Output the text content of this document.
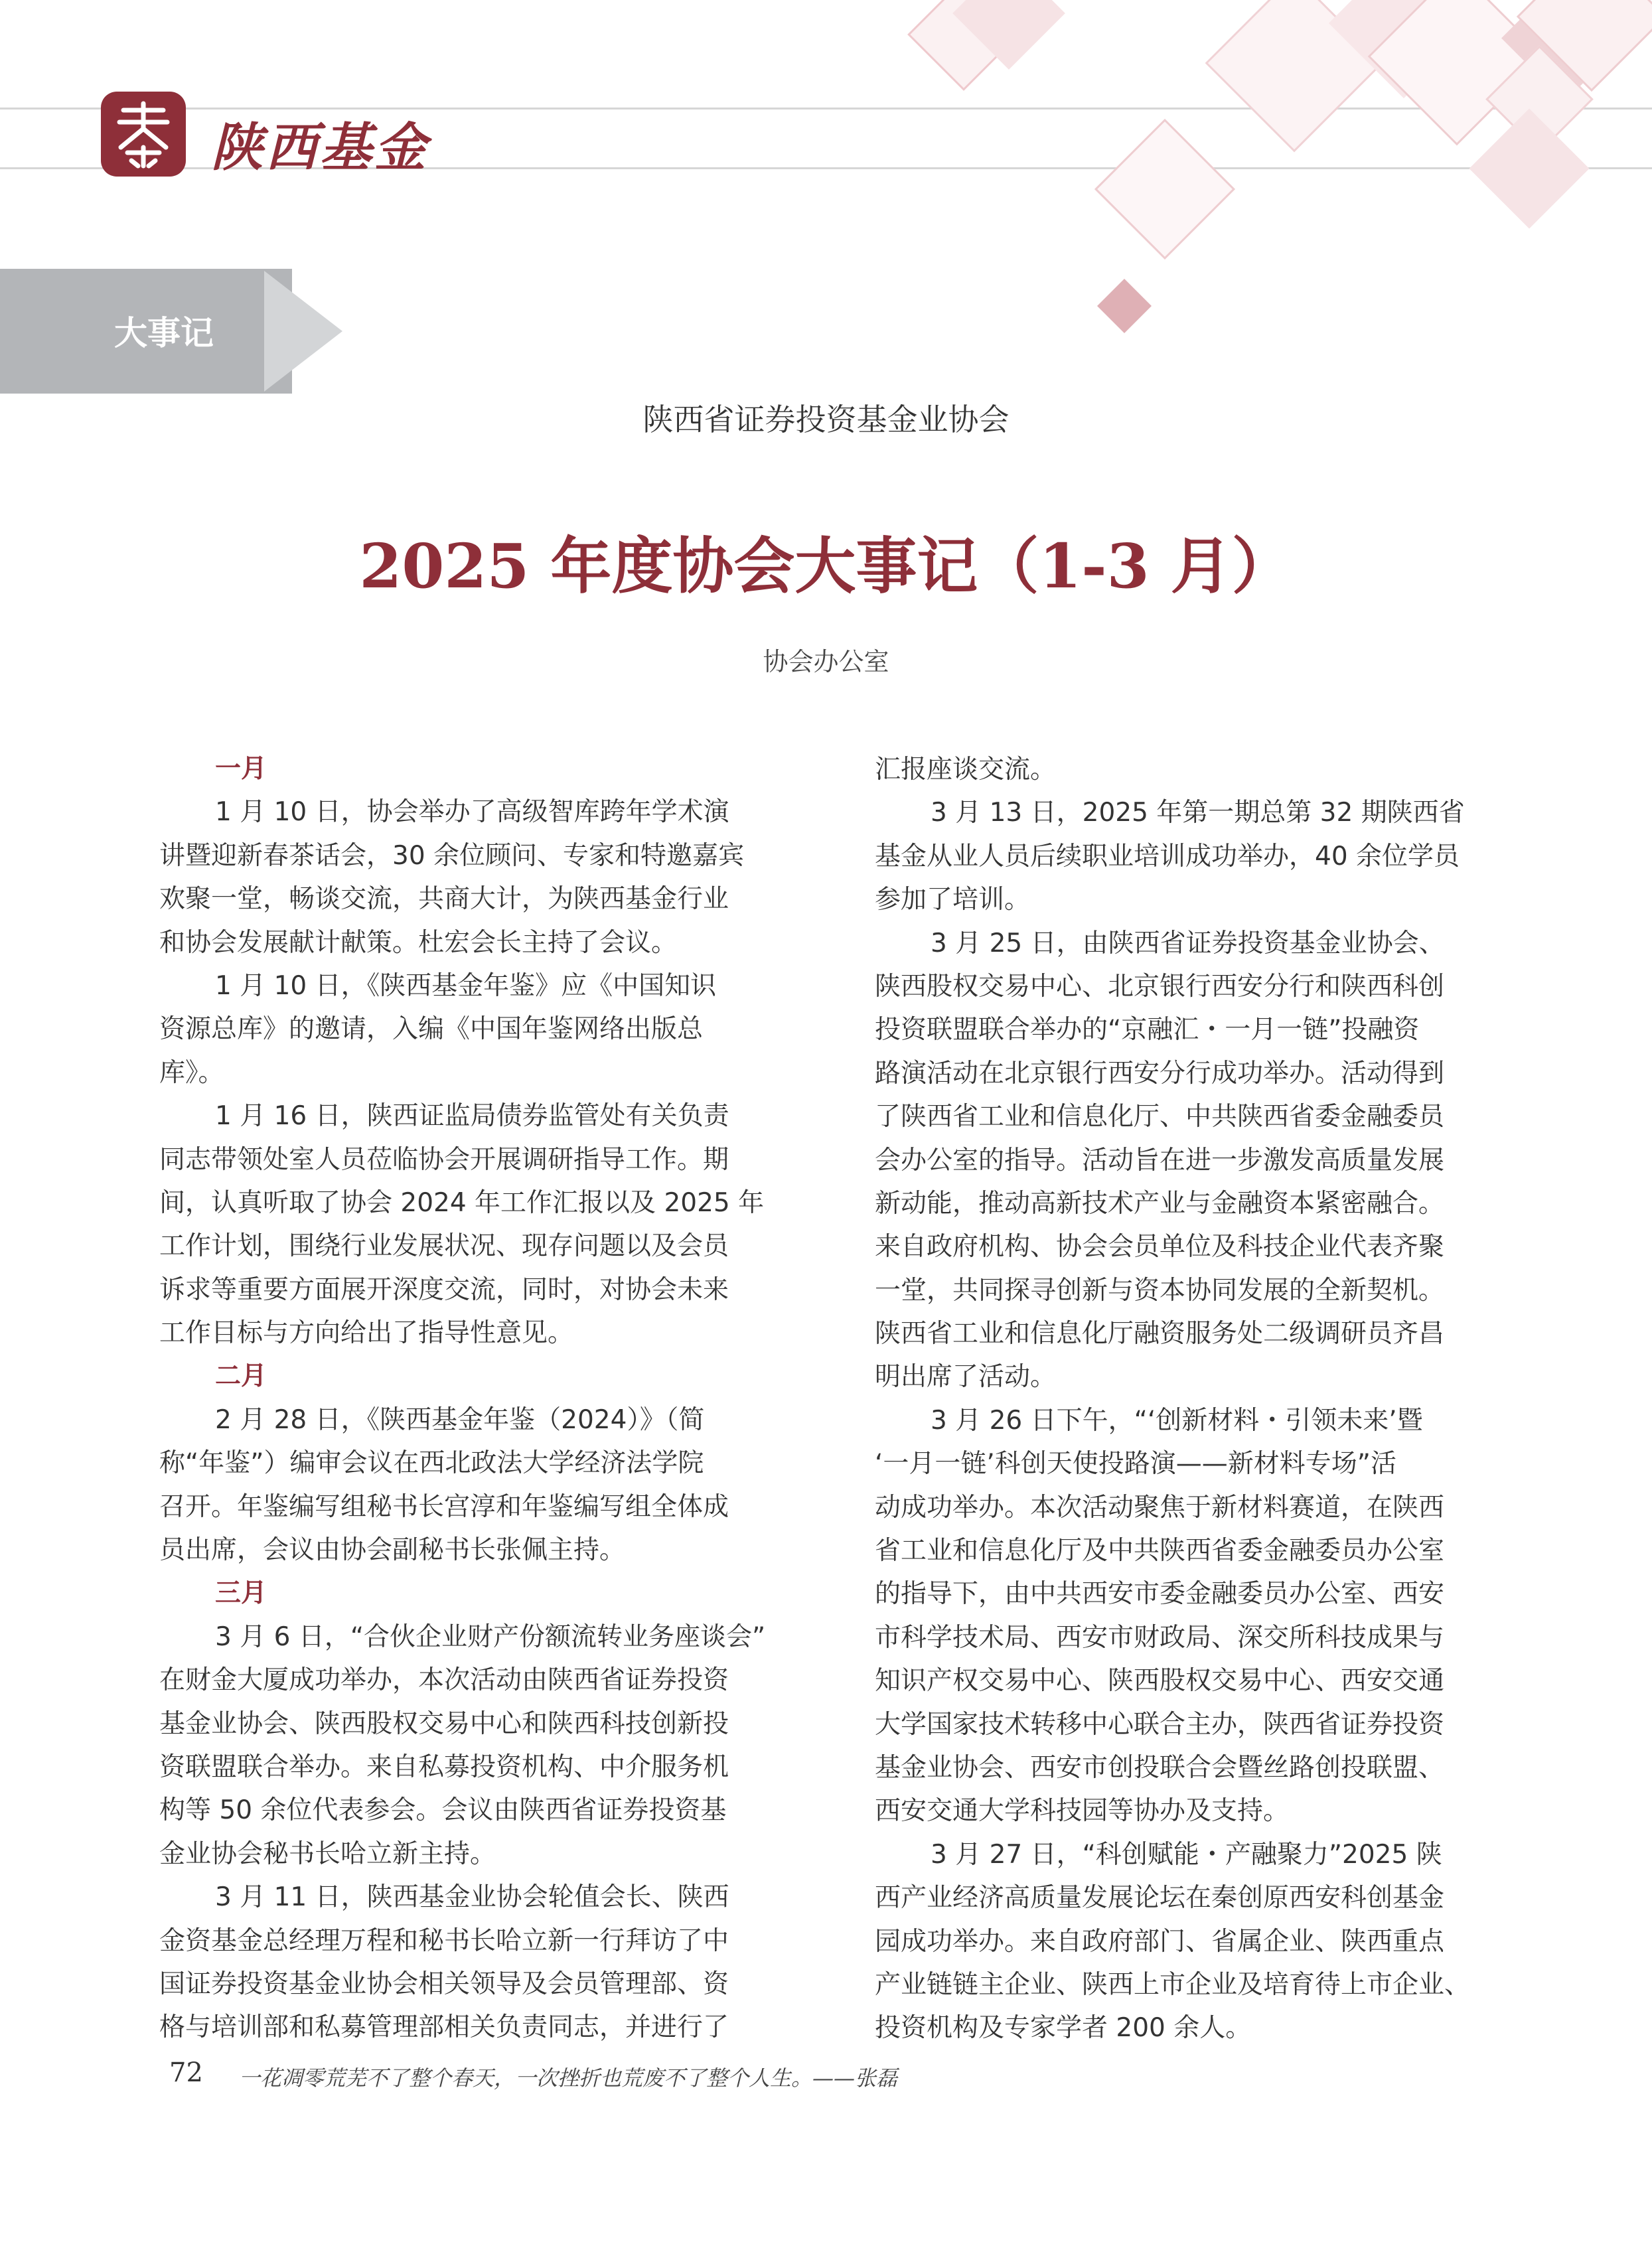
陕西基金
大事记
陕西省证券投资基金业协会
2025 年度协会大事记（1-3 月）
协会办公室
一月
1 月 10 日，协会举办了高级智库跨年学术演
讲暨迎新春茶话会，30 余位顾问、专家和特邀嘉宾
欢聚一堂，畅谈交流，共商大计，为陕西基金行业
和协会发展献计献策。杜宏会长主持了会议。
1 月 10 日，《陕西基金年鉴》应《中国知识
资源总库》的邀请，入编《中国年鉴网络出版总
库》。
1 月 16 日，陕西证监局债券监管处有关负责
同志带领处室人员莅临协会开展调研指导工作。期
间，认真听取了协会 2024 年工作汇报以及 2025 年
工作计划，围绕行业发展状况、现存问题以及会员
诉求等重要方面展开深度交流，同时，对协会未来
工作目标与方向给出了指导性意见。
二月
2 月 28 日，《陕西基金年鉴（2024）》（简
称“年鉴”）编审会议在西北政法大学经济法学院
召开。年鉴编写组秘书长宫淳和年鉴编写组全体成
员出席，会议由协会副秘书长张佩主持。
三月
3 月 6 日，“合伙企业财产份额流转业务座谈会”
在财金大厦成功举办，本次活动由陕西省证券投资
基金业协会、陕西股权交易中心和陕西科技创新投
资联盟联合举办。来自私募投资机构、中介服务机
构等 50 余位代表参会。会议由陕西省证券投资基
金业协会秘书长哈立新主持。
3 月 11 日，陕西基金业协会轮值会长、陕西
金资基金总经理万程和秘书长哈立新一行拜访了中
国证券投资基金业协会相关领导及会员管理部、资
格与培训部和私募管理部相关负责同志，并进行了
汇报座谈交流。
3 月 13 日，2025 年第一期总第 32 期陕西省
基金从业人员后续职业培训成功举办，40 余位学员
参加了培训。
3 月 25 日，由陕西省证券投资基金业协会、
陕西股权交易中心、北京银行西安分行和陕西科创
投资联盟联合举办的“京融汇・一月一链”投融资
路演活动在北京银行西安分行成功举办。活动得到
了陕西省工业和信息化厅、中共陕西省委金融委员
会办公室的指导。活动旨在进一步激发高质量发展
新动能，推动高新技术产业与金融资本紧密融合。
来自政府机构、协会会员单位及科技企业代表齐聚
一堂，共同探寻创新与资本协同发展的全新契机。
陕西省工业和信息化厅融资服务处二级调研员齐昌
明出席了活动。
3 月 26 日下午，“‘创新材料・引领未来’暨
‘一月一链’科创天使投路演——新材料专场”活
动成功举办。本次活动聚焦于新材料赛道，在陕西
省工业和信息化厅及中共陕西省委金融委员办公室
的指导下，由中共西安市委金融委员办公室、西安
市科学技术局、西安市财政局、深交所科技成果与
知识产权交易中心、陕西股权交易中心、西安交通
大学国家技术转移中心联合主办，陕西省证券投资
基金业协会、西安市创投联合会暨丝路创投联盟、
西安交通大学科技园等协办及支持。
3 月 27 日，“科创赋能・产融聚力”2025 陕
西产业经济高质量发展论坛在秦创原西安科创基金
园成功举办。来自政府部门、省属企业、陕西重点
产业链链主企业、陕西上市企业及培育待上市企业、
投资机构及专家学者 200 余人。
72 一花凋零荒芜不了整个春天，一次挫折也荒废不了整个人生。——张磊
